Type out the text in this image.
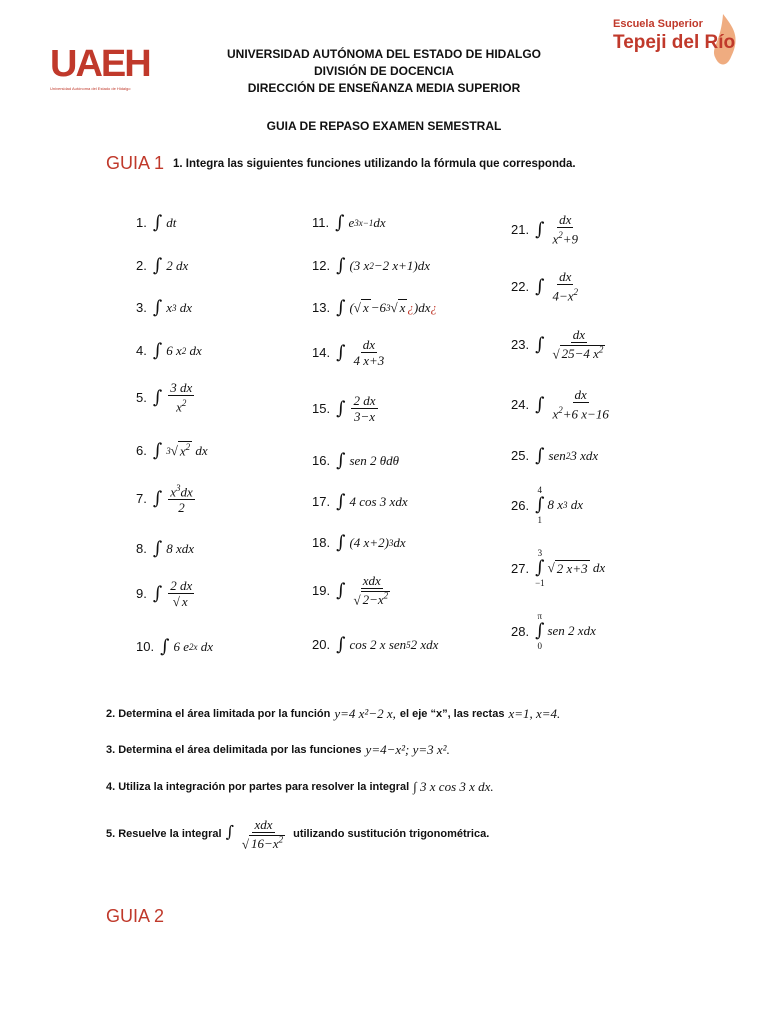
UAEH
Universidad Autónoma del Estado de Hidalgo
Escuela Superior
Tepeji del Río
UNIVERSIDAD AUTÓNOMA DEL ESTADO DE HIDALGO
DIVISIÓN DE DOCENCIA
DIRECCIÓN DE ENSEÑANZA MEDIA SUPERIOR
GUIA DE REPASO EXAMEN SEMESTRAL
GUIA 1 1. Integra las siguientes funciones utilizando la fórmula que corresponda.
1. ∫ dt
2. ∫ 2 dx
3. ∫ x 3 dx
4. ∫ 6 x 2 dx
5. ∫ $\frac{3 dx}{x^2}$
6. ∫ 3 √ $x^2$ dx
7. ∫ $\frac{x^3dx}{2}$
8. ∫ 8 xdx
9. ∫ $\frac{2 dx}{√ x}$
10. ∫ 6 e 2x dx
11. ∫ e 3x−1 dx
12. ∫ (3 x 2 −2 x+1)dx
13. ∫ (√ x −6 3 √ x ¿ )dx ¿
14. ∫ $\frac{dx}{4 x+3}$
15. ∫ $\frac{2 dx}{3-x}$
16. ∫ sen 2 θdθ
17. ∫ 4 cos 3 xdx
18. ∫ (4 x+2) 3 dx
19. ∫ $\frac{\text{xdx}}{√ 2-x^2}$
20. ∫ cos 2 x sen 5 2 xdx
21. ∫ $\frac{dx}{x^2+9}$
22. ∫ $\frac{dx}{4-x^2}$
23. ∫ $\frac{dx}{√ 25-4 x^2}$
24. ∫ $\frac{dx}{x^2+6 x-16}$
25. ∫ sen 2 3 xdx
26.
4
∫
1
8 x 3 dx
27.
3
∫
−1
√ 2 x+3 dx
28.
π
∫
0
sen 2 xdx
2. Determina el área limitada por la función y=4 x²−2 x, el eje “x”, las rectas x=1, x=4.
3. Determina el área delimitada por las funciones y=4−x²; y=3 x².
4. Utiliza la integración por partes para resolver la integral ∫ 3 x cos 3 x dx.
5. Resuelve la integral ∫ $\frac{\text{xdx}}{√ 16-x^2}$ utilizando sustitución trigonométrica.
GUIA 2
